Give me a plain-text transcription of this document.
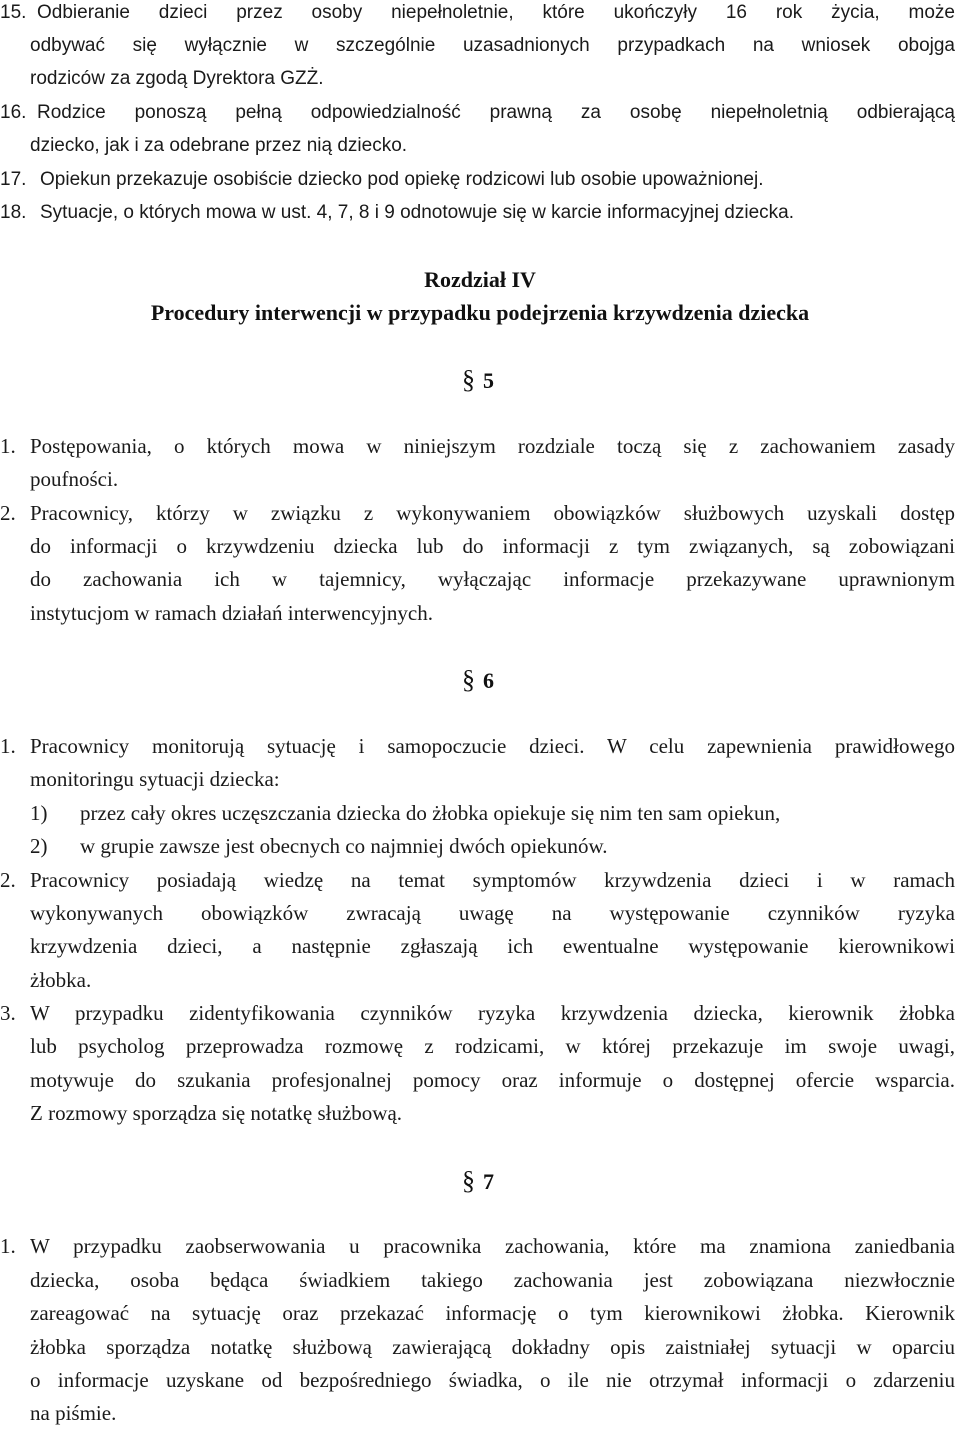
15.

Odbieranie dzieci przez osoby niepełnoletnie, które ukończyły 16 rok życia, może

odbywać się wyłącznie w szczególnie uzasadnionych przypadkach na wniosek obojga
rodziców za zgodą Dyrektora GZŻ.

16.

Rodzice ponoszą pełną odpowiedzialność prawną za osobę niepełnoletnią odbierającą

dziecko, jak i za odebrane przez nią dziecko.

17.

Opiekun przekazuje osobiście dziecko pod opiekę rodzicowi lub osobie upoważnionej.

18.

Sytuacje, o których mowa w ust. 4, 7, 8 i 9 odnotowuje się w karcie informacyjnej dziecka.

Rozdział IV
Procedury interwencji w przypadku podejrzenia krzywdzenia dziecka
§ 5

1.

Postępowania, o których mowa w niniejszym rozdziale toczą się z zachowaniem zasady

poufności.

2.

Pracownicy, którzy w związku z wykonywaniem obowiązków służbowych uzyskali dostęp

do informacji o krzywdzeniu dziecka lub do informacji z tym związanych, są zobowiązani
do zachowania ich w tajemnicy, wyłączając informacje przekazywane uprawnionym
instytucjom w ramach działań interwencyjnych.
§ 6

1.

Pracownicy monitorują sytuację i samopoczucie dzieci. W celu zapewnienia prawidłowego

monitoringu sytuacji dziecka:

1)

przez cały okres uczęszczania dziecka do żłobka opiekuje się nim ten sam opiekun,

2)

w grupie zawsze jest obecnych co najmniej dwóch opiekunów.

2.

Pracownicy posiadają wiedzę na temat symptomów krzywdzenia dzieci i w ramach

wykonywanych obowiązków zwracają uwagę na występowanie czynników ryzyka
krzywdzenia dzieci, a następnie zgłaszają ich ewentualne występowanie kierownikowi
żłobka.

3.

W przypadku zidentyfikowania czynników ryzyka krzywdzenia dziecka, kierownik żłobka

lub psycholog przeprowadza rozmowę z rodzicami, w której przekazuje im swoje uwagi,
motywuje do szukania profesjonalnej pomocy oraz informuje o dostępnej ofercie wsparcia.
Z rozmowy sporządza się notatkę służbową.
§ 7

1.

W przypadku zaobserwowania u pracownika zachowania, które ma znamiona zaniedbania

dziecka, osoba będąca świadkiem takiego zachowania jest zobowiązana niezwłocznie
zareagować na sytuację oraz przekazać informację o tym kierownikowi żłobka. Kierownik
żłobka sporządza notatkę służbową zawierającą dokładny opis zaistniałej sytuacji w oparciu
o informacje uzyskane od bezpośredniego świadka, o ile nie otrzymał informacji o zdarzeniu
na piśmie.
